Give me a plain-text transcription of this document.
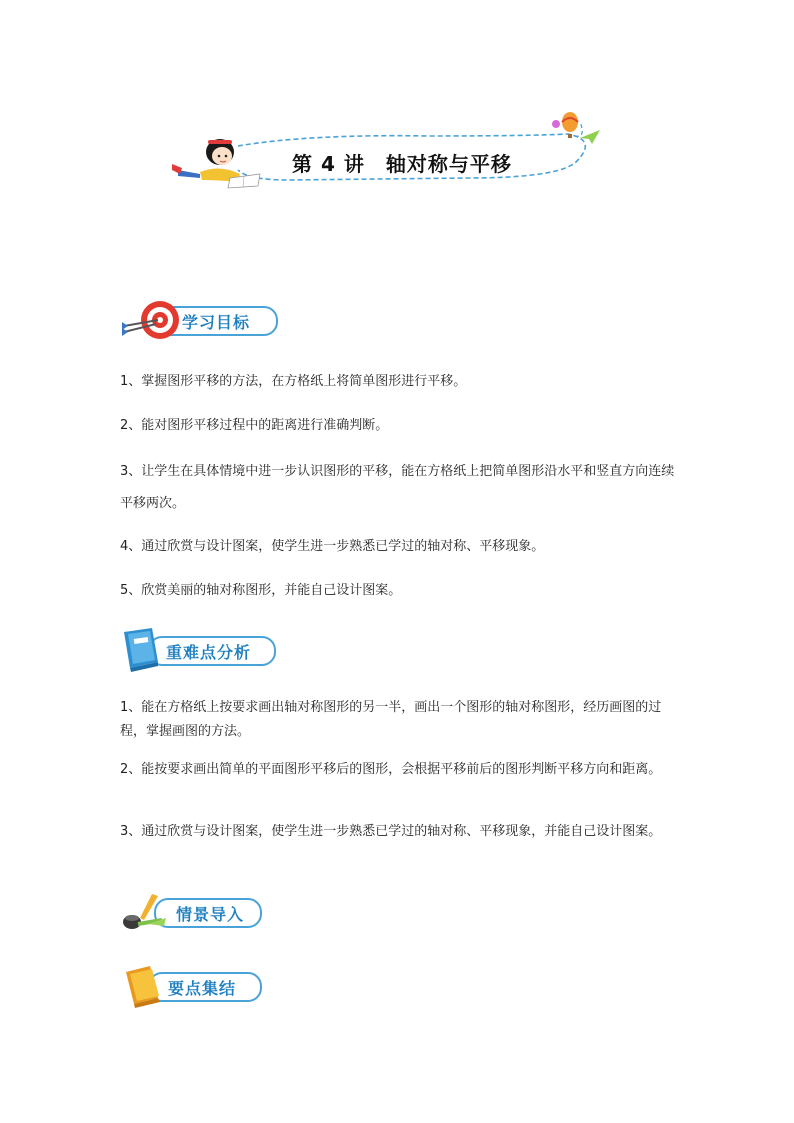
第 4 讲　轴对称与平移
学习目标

1、掌握图形平移的方法，在方格纸上将简单图形进行平移。

2、能对图形平移过程中的距离进行准确判断。

3、让学生在具体情境中进一步认识图形的平移，能在方格纸上把简单图形沿水平和竖直方向连续平移两次。

4、通过欣赏与设计图案，使学生进一步熟悉已学过的轴对称、平移现象。

5、欣赏美丽的轴对称图形，并能自己设计图案。

重难点分析

1、能在方格纸上按要求画出轴对称图形的另一半，画出一个图形的轴对称图形，经历画图的过程，掌握画图的方法。

2、能按要求画出简单的平面图形平移后的图形，会根据平移前后的图形判断平移方向和距离。

3、通过欣赏与设计图案，使学生进一步熟悉已学过的轴对称、平移现象，并能自己设计图案。

情景导入
要点集结
